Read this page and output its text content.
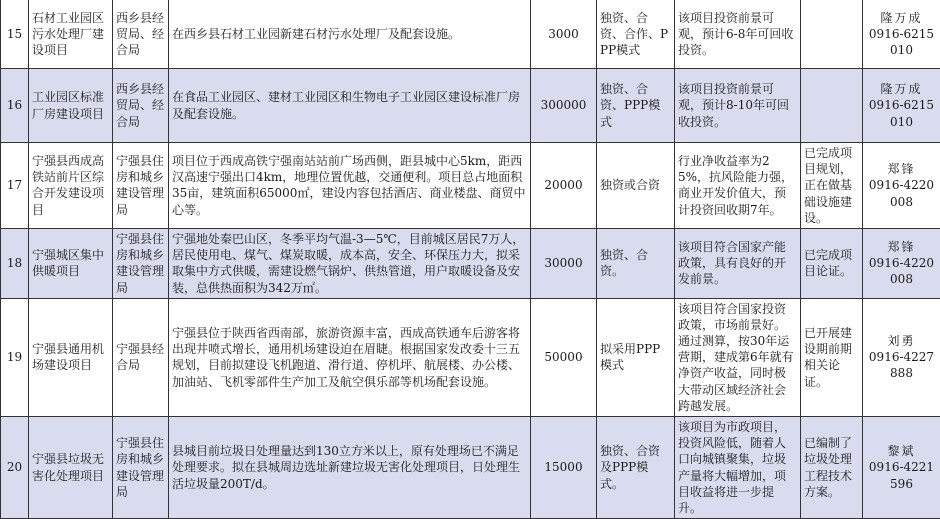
15	石材工业园区污水处理厂建设项目	西乡县经贸局、经合局	在西乡县石材工业园新建石材污水处理厂及配套设施。	3000	独资、合资、合作、PPP模式	该项目投资前景可观，预计6-8年可回收投资。		隆万成
0916-6215010

16	工业园区标准厂房建设项目	西乡县经贸局、经合局	在食品工业园区、建材工业园区和生物电子工业园区建设标准厂房及配套设施。	300000	独资、合资、PPP模式	该项目投资前景可观，预计8-10年可回收投资。		隆万成
0916-6215010

17	宁强县西成高铁站前片区综合开发建设项目	宁强县住房和城乡建设管理局	项目位于西成高铁宁强南站站前广场西侧，距县城中心5km，距西汉高速宁强出口4km，地理位置优越，交通便利。项目总占地面积35亩，建筑面积65000㎡，建设内容包括酒店、商业楼盘、商贸中心等。	20000	独资或合资	行业净收益率为25%，抗风险能力强，商业开发价值大，预计投资回收期7年。	已完成项目规划，正在做基础设施建设。	郑锋
0916-4220008

18	宁强城区集中供暖项目	宁强县住房和城乡建设管理局	宁强地处秦巴山区，冬季平均气温-3—5℃，目前城区居民7万人，居民使用电、煤气、煤炭取暖，成本高，安全、环保压力大，拟采取集中方式供暖，需建设燃气锅炉、供热管道，用户取暖设备及安装，总供热面积为342万㎡。	30000	独资、合资。	该项目符合国家产能政策，具有良好的开发前景。	已完成项目论证。	郑锋
0916-4220008

19	宁强县通用机场建设项目	宁强县经合局	宁强县位于陕西省西南部，旅游资源丰富，西成高铁通车后游客将出现井喷式增长，通用机场建设迫在眉睫。根据国家发改委十三五规划，目前拟建设飞机跑道、滑行道、停机坪、航展楼、办公楼、加油站、飞机零部件生产加工及航空俱乐部等机场配套设施。	50000	拟采用PPP模式	该项目符合国家投资政策，市场前景好。通过测算，按30年运营期，建成第6年就有净资产收益，同时极大带动区域经济社会跨越发展。	已开展建设期前期相关论证。	刘勇
0916-4227888

20	宁强县垃圾无害化处理项目	宁强县住房和城乡建设管理局	县城目前垃圾日处理量达到130立方米以上，原有处理场已不满足处理要求。拟在县城周边选址新建垃圾无害化处理项目，日处理生活垃圾量200T/d。	15000	独资、合资及PPP模式。	该项目为市政项目，投资风险低，随着人口向城镇聚集，垃圾产量将大幅增加，项目收益将进一步提升。	已编制了垃圾处理工程技术方案。	黎斌
0916-4221596
